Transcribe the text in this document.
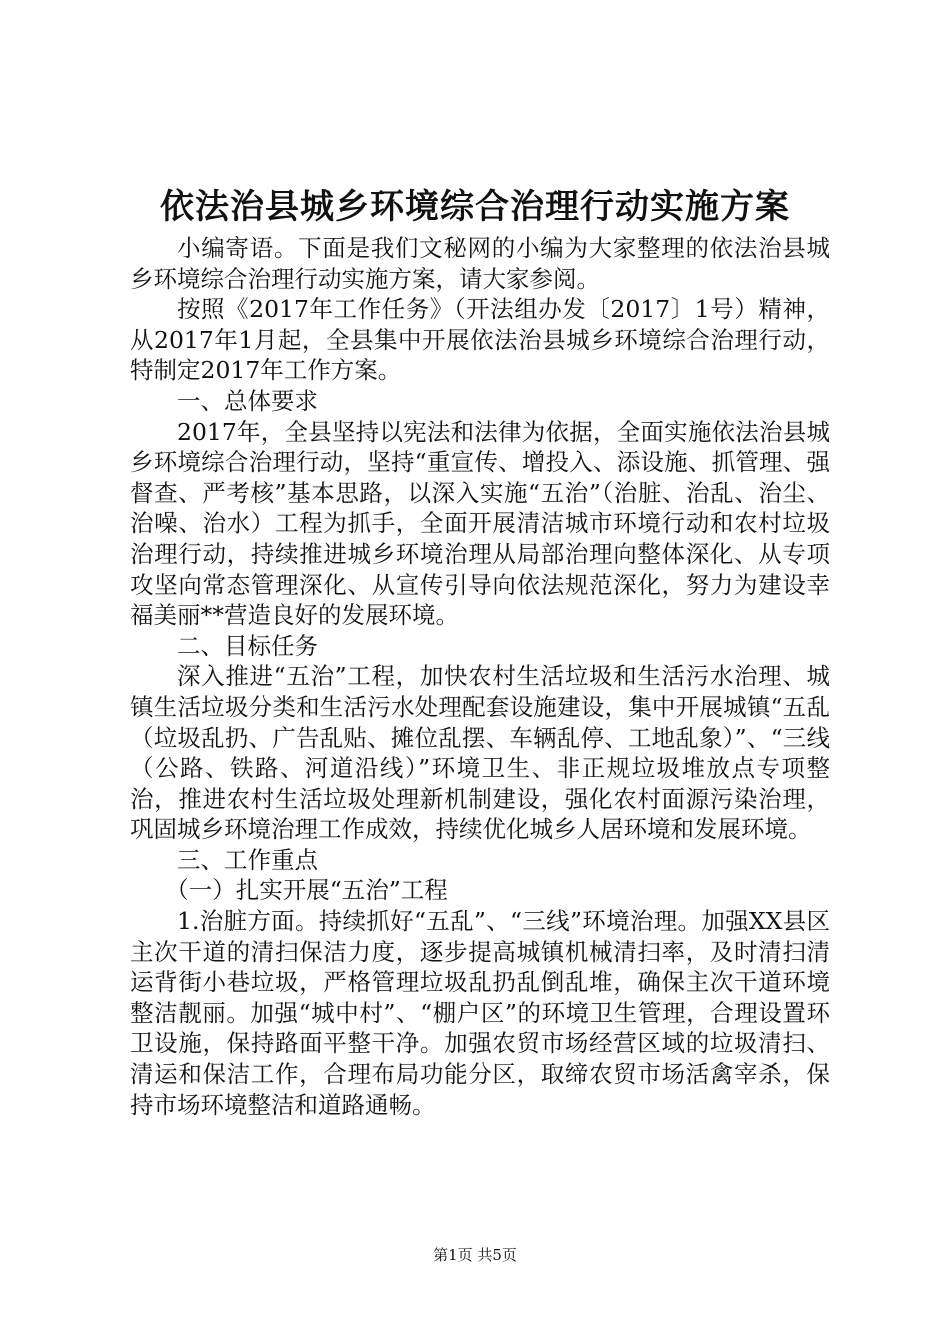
依法治县城乡环境综合治理行动实施方案

小编寄语。下面是我们文秘网的小编为大家整理的依法治县城乡环境综合治理行动实施方案，请大家参阅。

按照《2017年工作任务》（开法组办发〔2017〕1号）精神，从2017年1月起，全县集中开展依法治县城乡环境综合治理行动，特制定2017年工作方案。

一、总体要求

2017年，全县坚持以宪法和法律为依据，全面实施依法治县城乡环境综合治理行动，坚持“重宣传、增投入、添设施、抓管理、强督查、严考核”基本思路，以深入实施“五治”（治脏、治乱、治尘、治噪、治水）工程为抓手，全面开展清洁城市环境行动和农村垃圾治理行动，持续推进城乡环境治理从局部治理向整体深化、从专项攻坚向常态管理深化、从宣传引导向依法规范深化，努力为建设幸福美丽**营造良好的发展环境。

二、目标任务

深入推进“五治”工程，加快农村生活垃圾和生活污水治理、城镇生活垃圾分类和生活污水处理配套设施建设，集中开展城镇“五乱（垃圾乱扔、广告乱贴、摊位乱摆、车辆乱停、工地乱象）”、“三线（公路、铁路、河道沿线）”环境卫生、非正规垃圾堆放点专项整治，推进农村生活垃圾处理新机制建设，强化农村面源污染治理，巩固城乡环境治理工作成效，持续优化城乡人居环境和发展环境。

三、工作重点

（一）扎实开展“五治”工程

1.治脏方面。持续抓好“五乱”、“三线”环境治理。加强XX县区主次干道的清扫保洁力度，逐步提高城镇机械清扫率，及时清扫清运背街小巷垃圾，严格管理垃圾乱扔乱倒乱堆，确保主次干道环境整洁靓丽。加强“城中村”、“棚户区”的环境卫生管理，合理设置环卫设施，保持路面平整干净。加强农贸市场经营区域的垃圾清扫、清运和保洁工作，合理布局功能分区，取缔农贸市场活禽宰杀，保持市场环境整洁和道路通畅。

第1页 共5页
